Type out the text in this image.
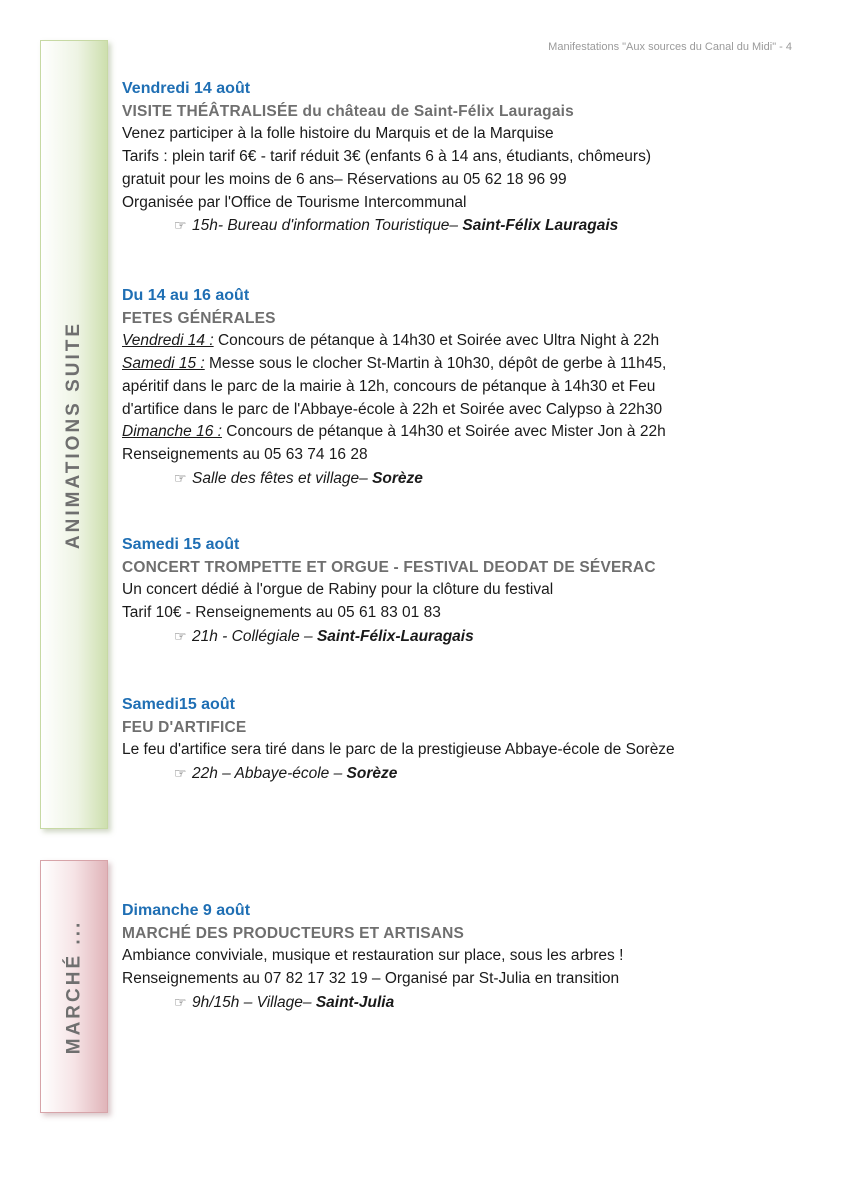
Manifestations "Aux sources du Canal du Midi" - 4
ANIMATIONS SUITE
MARCHÉ ...
Vendredi 14 août
VISITE THÉÂTRALISÉE du château de Saint-Félix Lauragais
Venez participer à la folle histoire du Marquis et de la Marquise
Tarifs : plein tarif 6€ - tarif réduit 3€ (enfants 6 à 14 ans, étudiants, chômeurs)
gratuit pour les moins de 6 ans– Réservations au 05 62 18 96 99
Organisée par l'Office de Tourisme Intercommunal
☞ 15h- Bureau d'information Touristique– Saint-Félix Lauragais
Du 14 au 16 août
FETES GÉNÉRALES
Vendredi 14 : Concours de pétanque à 14h30 et Soirée avec Ultra Night à 22h
Samedi 15 : Messe sous le clocher St-Martin à 10h30, dépôt de gerbe à 11h45,
apéritif dans le parc de la mairie à 12h, concours de pétanque à 14h30 et Feu
d'artifice dans le parc de l'Abbaye-école à 22h et Soirée avec Calypso à 22h30
Dimanche 16 : Concours de pétanque à 14h30 et Soirée avec Mister Jon à 22h
Renseignements au 05 63 74 16 28
☞ Salle des fêtes et village– Sorèze
Samedi 15 août
CONCERT TROMPETTE ET ORGUE - FESTIVAL DEODAT DE SÉVERAC
Un concert dédié à l'orgue de Rabiny pour la clôture du festival
Tarif 10€ - Renseignements au 05 61 83 01 83
☞ 21h - Collégiale – Saint-Félix-Lauragais
Samedi15 août
FEU D'ARTIFICE
Le feu d'artifice sera tiré dans le parc de la prestigieuse Abbaye-école de Sorèze
☞ 22h – Abbaye-école – Sorèze
Dimanche 9 août
MARCHÉ DES PRODUCTEURS ET ARTISANS
Ambiance conviviale, musique et restauration sur place, sous les arbres !
Renseignements au 07 82 17 32 19 – Organisé par St-Julia en transition
☞ 9h/15h – Village– Saint-Julia
